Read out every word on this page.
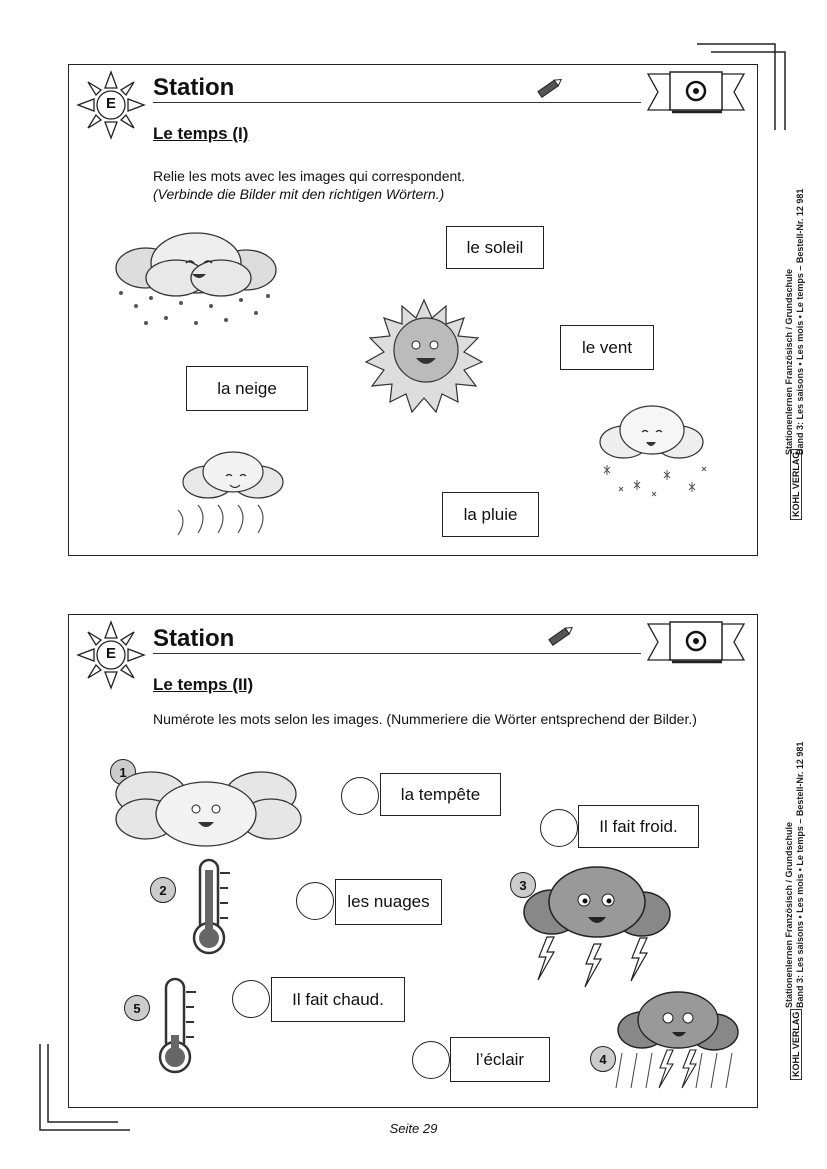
E
Station
Le temps (I)
Relie les mots avec les images qui correspondent.
(Verbinde die Bilder mit den richtigen Wörtern.)
le soleil
le vent
la neige
la pluie
E
Station
Le temps (II)
Numérote les mots selon les images. (Nummeriere die Wörter entsprechend der Bilder.)
1
2	3
5
4
la tempête
Il fait froid.
les nuages
Il fait chaud.
l’éclair
Stationenlernen Französisch / Grundschule Band 3: Les saisons • Les mois • Le temps – Bestell-Nr. 12 981
KOHL VERLAG
Stationenlernen Französisch / Grundschule Band 3: Les saisons • Les mois • Le temps – Bestell-Nr. 12 981
KOHL VERLAG
Seite 29
